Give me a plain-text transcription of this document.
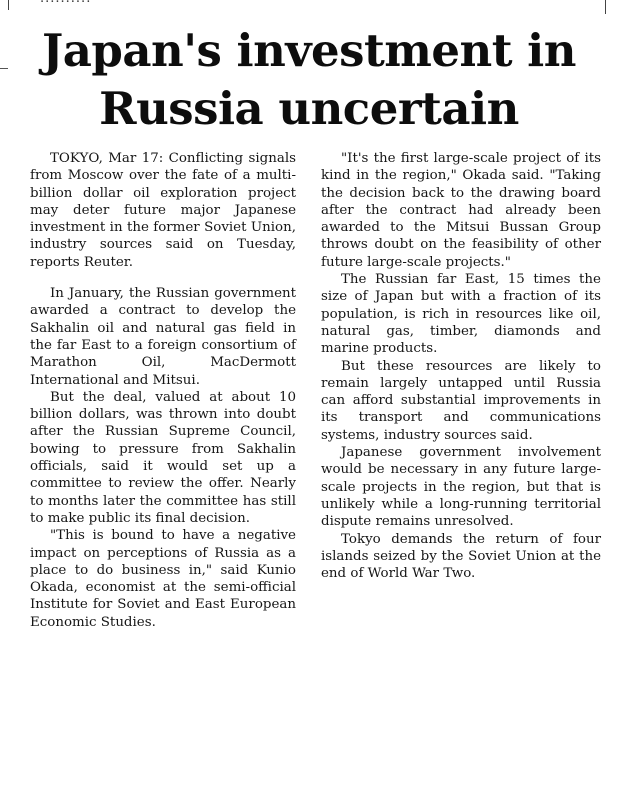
Japan's investment in Russia uncertain

TOKYO, Mar 17: Conflicting signals from Moscow over the fate of a multi-billion dollar oil exploration project may deter future major Japanese investment in the former Soviet Union, industry sources said on Tuesday, reports Reuter.

In January, the Russian government awarded a contract to develop the Sakhalin oil and natural gas field in the far East to a foreign consortium of Marathon Oil, MacDermott International and Mitsui.

But the deal, valued at about 10 billion dollars, was thrown into doubt after the Russian Supreme Council, bowing to pressure from Sakhalin officials, said it would set up a committee to review the offer. Nearly to months later the committee has still to make public its final decision.

"This is bound to have a negative impact on perceptions of Russia as a place to do business in," said Kunio Okada, economist at the semi-official Institute for Soviet and East European Economic Studies.

"It's the first large-scale project of its kind in the region," Okada said. "Taking the decision back to the drawing board after the contract had already been awarded to the Mitsui Bussan Group throws doubt on the feasibility of other future large-scale projects."

The Russian far East, 15 times the size of Japan but with a fraction of its population, is rich in resources like oil, natural gas, timber, diamonds and marine products.

But these resources are likely to remain largely untapped until Russia can afford substantial improvements in its transport and communications systems, industry sources said.

Japanese government involvement would be necessary in any future large-scale projects in the region, but that is unlikely while a long-running territorial dispute remains unresolved.

Tokyo demands the return of four islands seized by the Soviet Union at the end of World War Two.
